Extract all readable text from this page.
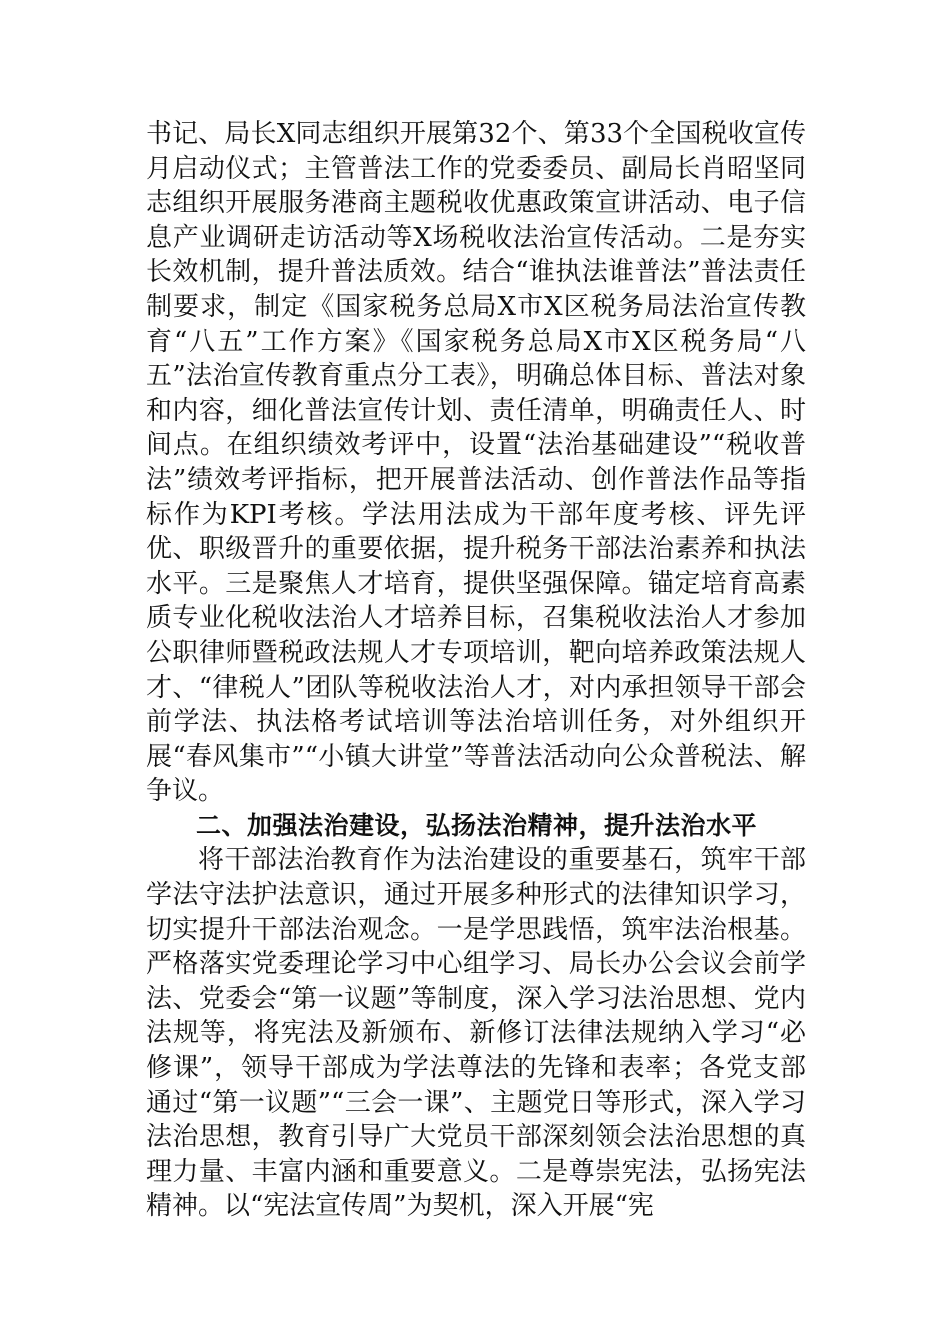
书记、局长X同志组织开展第32个、第33个全国税收宣传月启动仪式；主管普法工作的党委委员、副局长肖昭坚同志组织开展服务港商主题税收优惠政策宣讲活动、电子信息产业调研走访活动等X场税收法治宣传活动。二是夯实长效机制，提升普法质效。结合“谁执法谁普法”普法责任制要求，制定《国家税务总局X市X区税务局法治宣传教育“八五”工作方案》《国家税务总局X市X区税务局“八五”法治宣传教育重点分工表》，明确总体目标、普法对象和内容，细化普法宣传计划、责任清单，明确责任人、时间点。在组织绩效考评中，设置“法治基础建设”“税收普法”绩效考评指标，把开展普法活动、创作普法作品等指标作为KPI考核。学法用法成为干部年度考核、评先评优、职级晋升的重要依据，提升税务干部法治素养和执法水平。三是聚焦人才培育，提供坚强保障。锚定培育高素质专业化税收法治人才培养目标，召集税收法治人才参加公职律师暨税政法规人才专项培训，靶向培养政策法规人才、“律税人”团队等税收法治人才，对内承担领导干部会前学法、执法格考试培训等法治培训任务，对外组织开展“春风集市”“小镇大讲堂”等普法活动向公众普税法、解争议。

二、加强法治建设，弘扬法治精神，提升法治水平

将干部法治教育作为法治建设的重要基石，筑牢干部学法守法护法意识，通过开展多种形式的法律知识学习，切实提升干部法治观念。一是学思践悟，筑牢法治根基。严格落实党委理论学习中心组学习、局长办公会议会前学法、党委会“第一议题”等制度，深入学习法治思想、党内法规等，将宪法及新颁布、新修订法律法规纳入学习“必修课”，领导干部成为学法尊法的先锋和表率；各党支部通过“第一议题”“三会一课”、主题党日等形式，深入学习法治思想，教育引导广大党员干部深刻领会法治思想的真理力量、丰富内涵和重要意义。二是尊崇宪法，弘扬宪法精神。以“宪法宣传周”为契机，深入开展“宪
